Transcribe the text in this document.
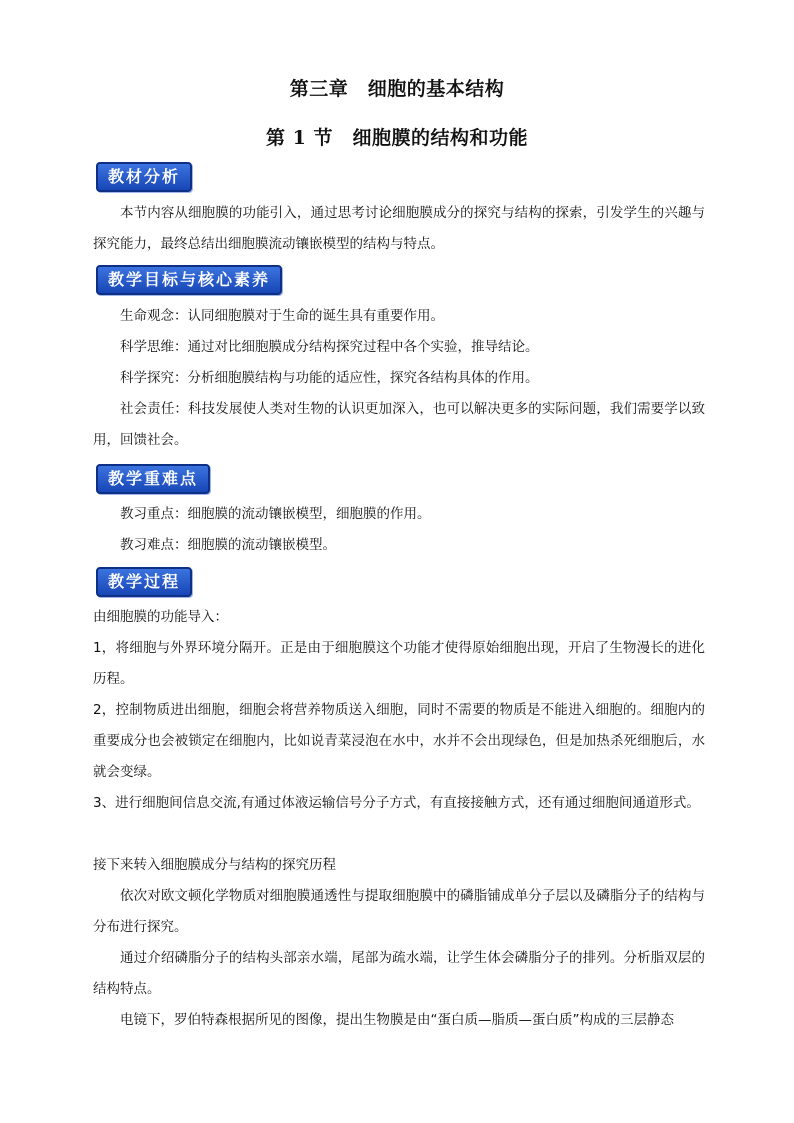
第三章　细胞的基本结构
第 1 节　细胞膜的结构和功能
教材分析

本节内容从细胞膜的功能引入，通过思考讨论细胞膜成分的探究与结构的探索，引发学生的兴趣与探究能力，最终总结出细胞膜流动镶嵌模型的结构与特点。

教学目标与核心素养

生命观念：认同细胞膜对于生命的诞生具有重要作用。

科学思维：通过对比细胞膜成分结构探究过程中各个实验，推导结论。

科学探究：分析细胞膜结构与功能的适应性，探究各结构具体的作用。

社会责任：科技发展使人类对生物的认识更加深入，也可以解决更多的实际问题，我们需要学以致用，回馈社会。

教学重难点

教习重点：细胞膜的流动镶嵌模型，细胞膜的作用。

教习难点：细胞膜的流动镶嵌模型。

教学过程

由细胞膜的功能导入：

1，将细胞与外界环境分隔开。正是由于细胞膜这个功能才使得原始细胞出现，开启了生物漫长的进化历程。

2，控制物质进出细胞，细胞会将营养物质送入细胞，同时不需要的物质是不能进入细胞的。细胞内的重要成分也会被锁定在细胞内，比如说青菜浸泡在水中，水并不会出现绿色，但是加热杀死细胞后，水就会变绿。

3、进行细胞间信息交流,有通过体液运输信号分子方式，有直接接触方式，还有通过细胞间通道形式。

接下来转入细胞膜成分与结构的探究历程

依次对欧文顿化学物质对细胞膜通透性与提取细胞膜中的磷脂铺成单分子层以及磷脂分子的结构与分布进行探究。

通过介绍磷脂分子的结构头部亲水端，尾部为疏水端，让学生体会磷脂分子的排列。分析脂双层的结构特点。

电镜下，罗伯特森根据所见的图像，提出生物膜是由“蛋白质—脂质—蛋白质”构成的三层静态
